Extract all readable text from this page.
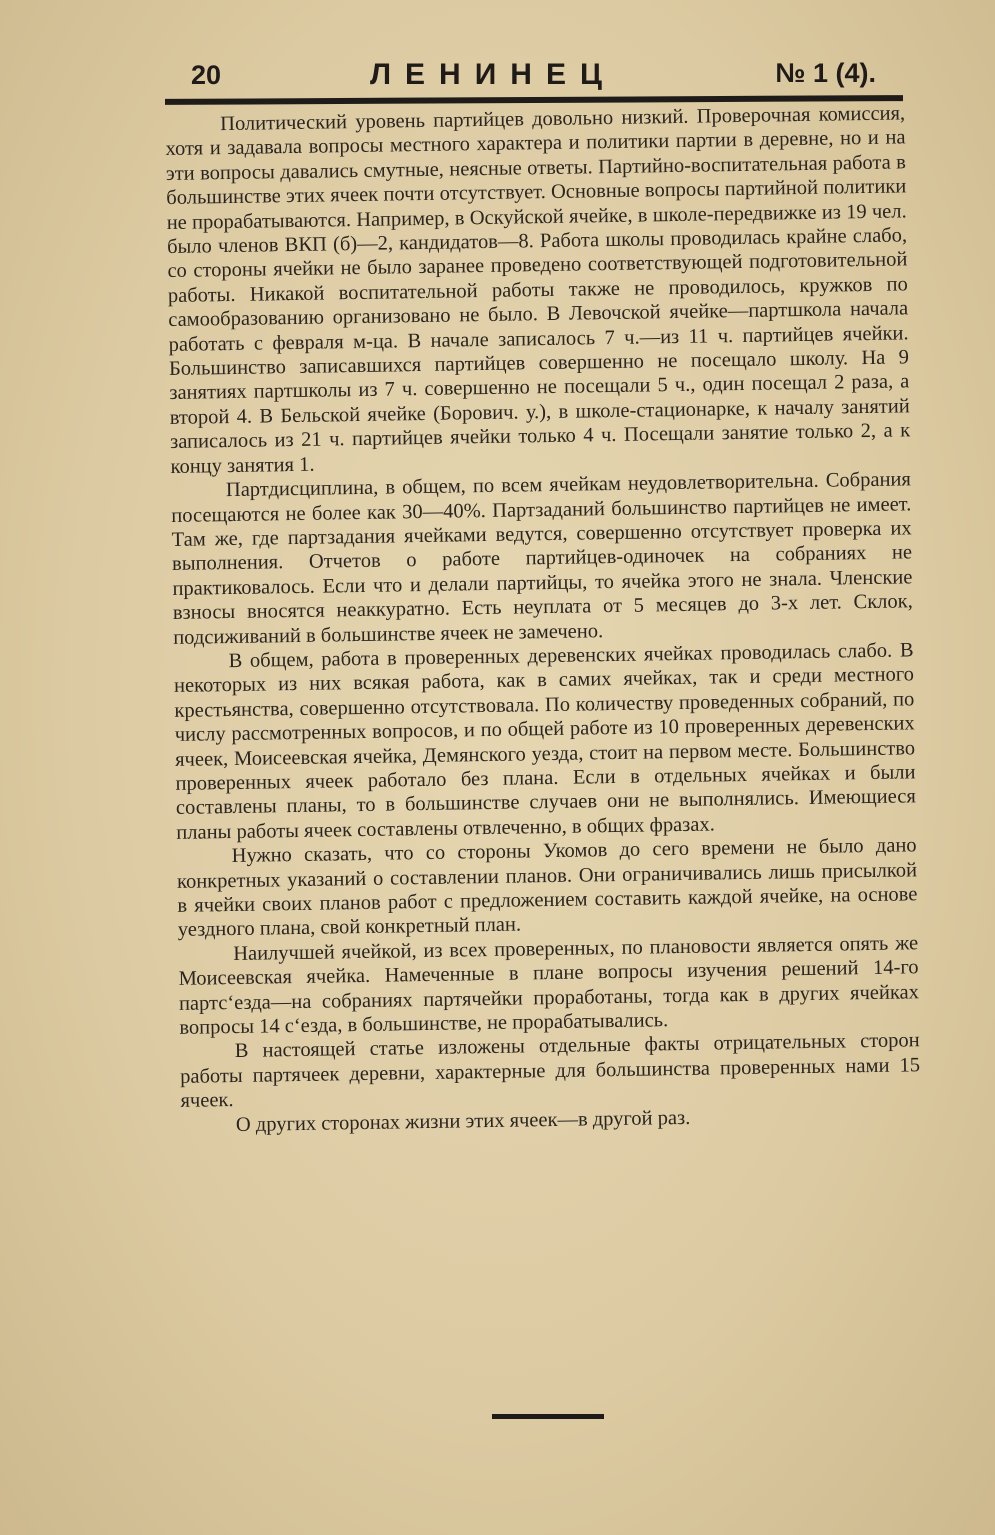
20	ЛЕНИНЕЦ	№ 1 (4).

Политический уровень партийцев довольно низкий. Проверочная комиссия, хотя и задавала вопросы местного характера и политики партии в деревне, но и на эти вопросы давались смутные, неясные ответы. Партийно-воспитательная работа в большинстве этих ячеек почти отсутствует. Основные вопросы партийной политики не прорабатываются. Например, в Оскуйской ячейке, в школе-передвижке из 19 чел. было членов ВКП (б)—2, кандидатов—8. Работа школы проводилась крайне слабо, со стороны ячейки не было заранее проведено соответствующей подготовительной работы. Никакой воспитательной работы также не проводилось, кружков по самообразованию организовано не было. В Левочской ячейке—партшкола начала работать с февраля м-ца. В начале записалось 7 ч.—из 11 ч. партийцев ячейки. Большинство записавшихся партийцев совершенно не посещало школу. На 9 занятиях партшколы из 7 ч. совершенно не посещали 5 ч., один посещал 2 раза, а второй 4. В Бельской ячейке (Борович. у.), в школе-стационарке, к началу занятий записалось из 21 ч. партийцев ячейки только 4 ч. Посещали занятие только 2, а к концу занятия 1.

Партдисциплина, в общем, по всем ячейкам неудовлетворительна. Собрания посещаются не более как 30—40%. Партзаданий большинство партийцев не имеет. Там же, где партзадания ячейками ведутся, совершенно отсутствует проверка их выполнения. Отчетов о работе партийцев-одиночек на собраниях не практиковалось. Если что и делали партийцы, то ячейка этого не знала. Членские взносы вносятся неаккуратно. Есть неуплата от 5 месяцев до 3-х лет. Склок, подсиживаний в большинстве ячеек не замечено.

В общем, работа в проверенных деревенских ячейках проводилась слабо. В некоторых из них всякая работа, как в самих ячейках, так и среди местного крестьянства, совершенно отсутствовала. По количеству проведенных собраний, по числу рассмотренных вопросов, и по общей работе из 10 проверенных деревенских ячеек, Моисеевская ячейка, Демянского уезда, стоит на первом месте. Большинство проверенных ячеек работало без плана. Если в отдельных ячейках и были составлены планы, то в большинстве случаев они не выполнялись. Имеющиеся планы работы ячеек составлены отвлеченно, в общих фразах.

Нужно сказать, что со стороны Укомов до сего времени не было дано конкретных указаний о составлении планов. Они ограничивались лишь присылкой в ячейки своих планов работ с предложением составить каждой ячейке, на основе уездного плана, свой конкретный план.

Наилучшей ячейкой, из всех проверенных, по плановости является опять же Моисеевская ячейка. Намеченные в плане вопросы изучения решений 14-го партс‘езда—на собраниях партячейки проработаны, тогда как в других ячейках вопросы 14 с‘езда, в большинстве, не прорабатывались.

В настоящей статье изложены отдельные факты отрицательных сторон работы партячеек деревни, характерные для большинства проверенных нами 15 ячеек.

О других сторонах жизни этих ячеек—в другой раз.
